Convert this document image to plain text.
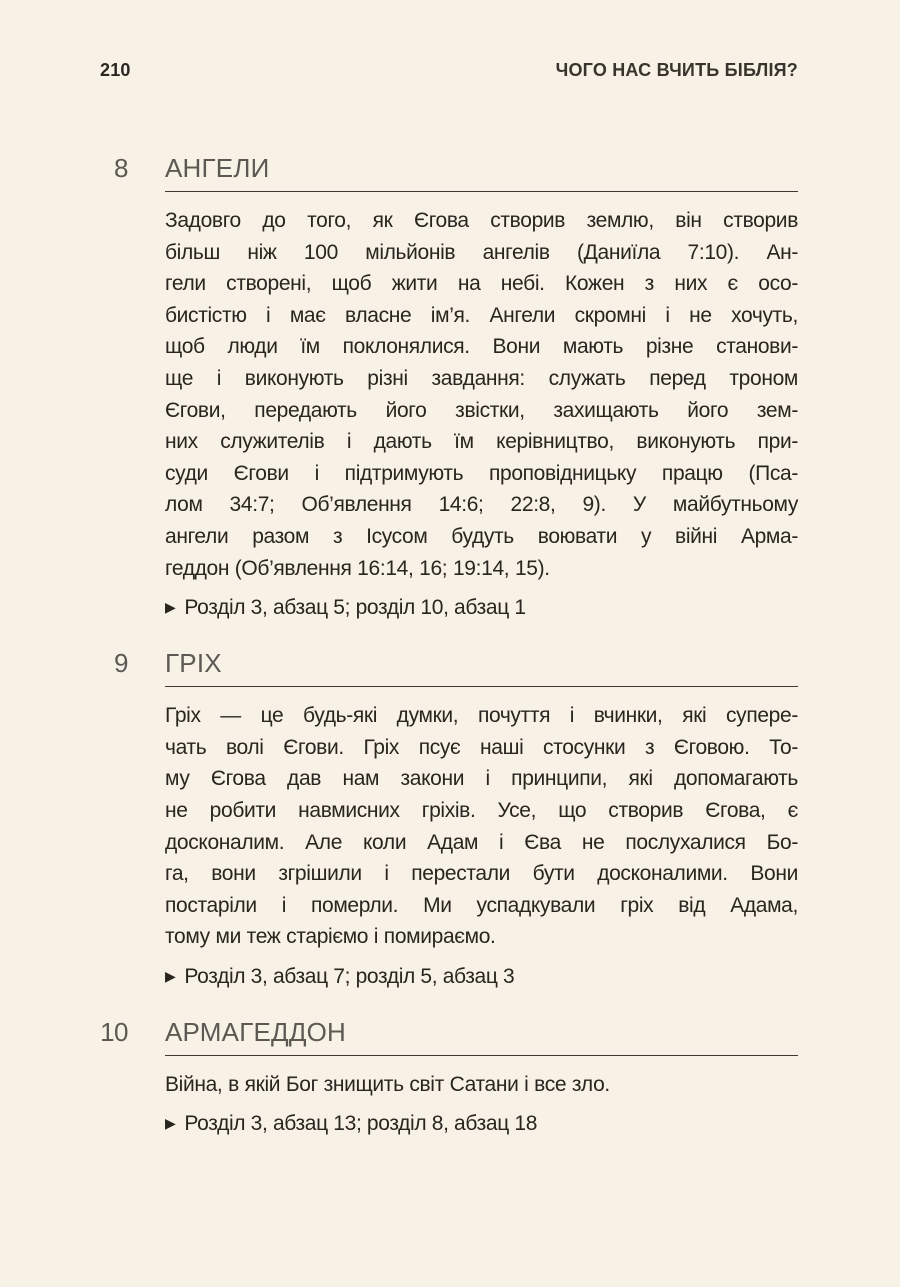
210	ЧОГО НАС ВЧИТЬ БІБЛІЯ?
8	АНГЕЛИ
Задовго до того, як Єгова створив землю, він створив
більш ніж 100 мільйонів ангелів (Даниїла 7:10). Ан-
гели створені, щоб жити на небі. Кожен з них є осо-
бистістю і має власне ім’я. Ангели скромні і не хочуть,
щоб люди їм поклонялися. Вони мають різне станови-
ще і виконують різні завдання: служать перед троном
Єгови, передають його звістки, захищають його зем-
них служителів і дають їм керівництво, виконують при-
суди Єгови і підтримують проповідницьку працю (Пса-
лом 34:7; Об’явлення 14:6; 22:8, 9). У майбутньому
ангели разом з Ісусом будуть воювати у війні Арма-
геддон (Об’явлення 16:14, 16; 19:14, 15).
▶ Розділ 3, абзац 5; розділ 10, абзац 1
9	ГРІХ
Гріх — це будь-які думки, почуття і вчинки, які супере-
чать волі Єгови. Гріх псує наші стосунки з Єговою. То-
му Єгова дав нам закони і принципи, які допомагають
не робити навмисних гріхів. Усе, що створив Єгова, є
досконалим. Але коли Адам і Єва не послухалися Бо-
га, вони згрішили і перестали бути досконалими. Вони
постаріли і померли. Ми успадкували гріх від Адама,
тому ми теж старіємо і помираємо.
▶ Розділ 3, абзац 7; розділ 5, абзац 3
10	АРМАГЕДДОН
Війна, в якій Бог знищить світ Сатани і все зло.
▶ Розділ 3, абзац 13; розділ 8, абзац 18
